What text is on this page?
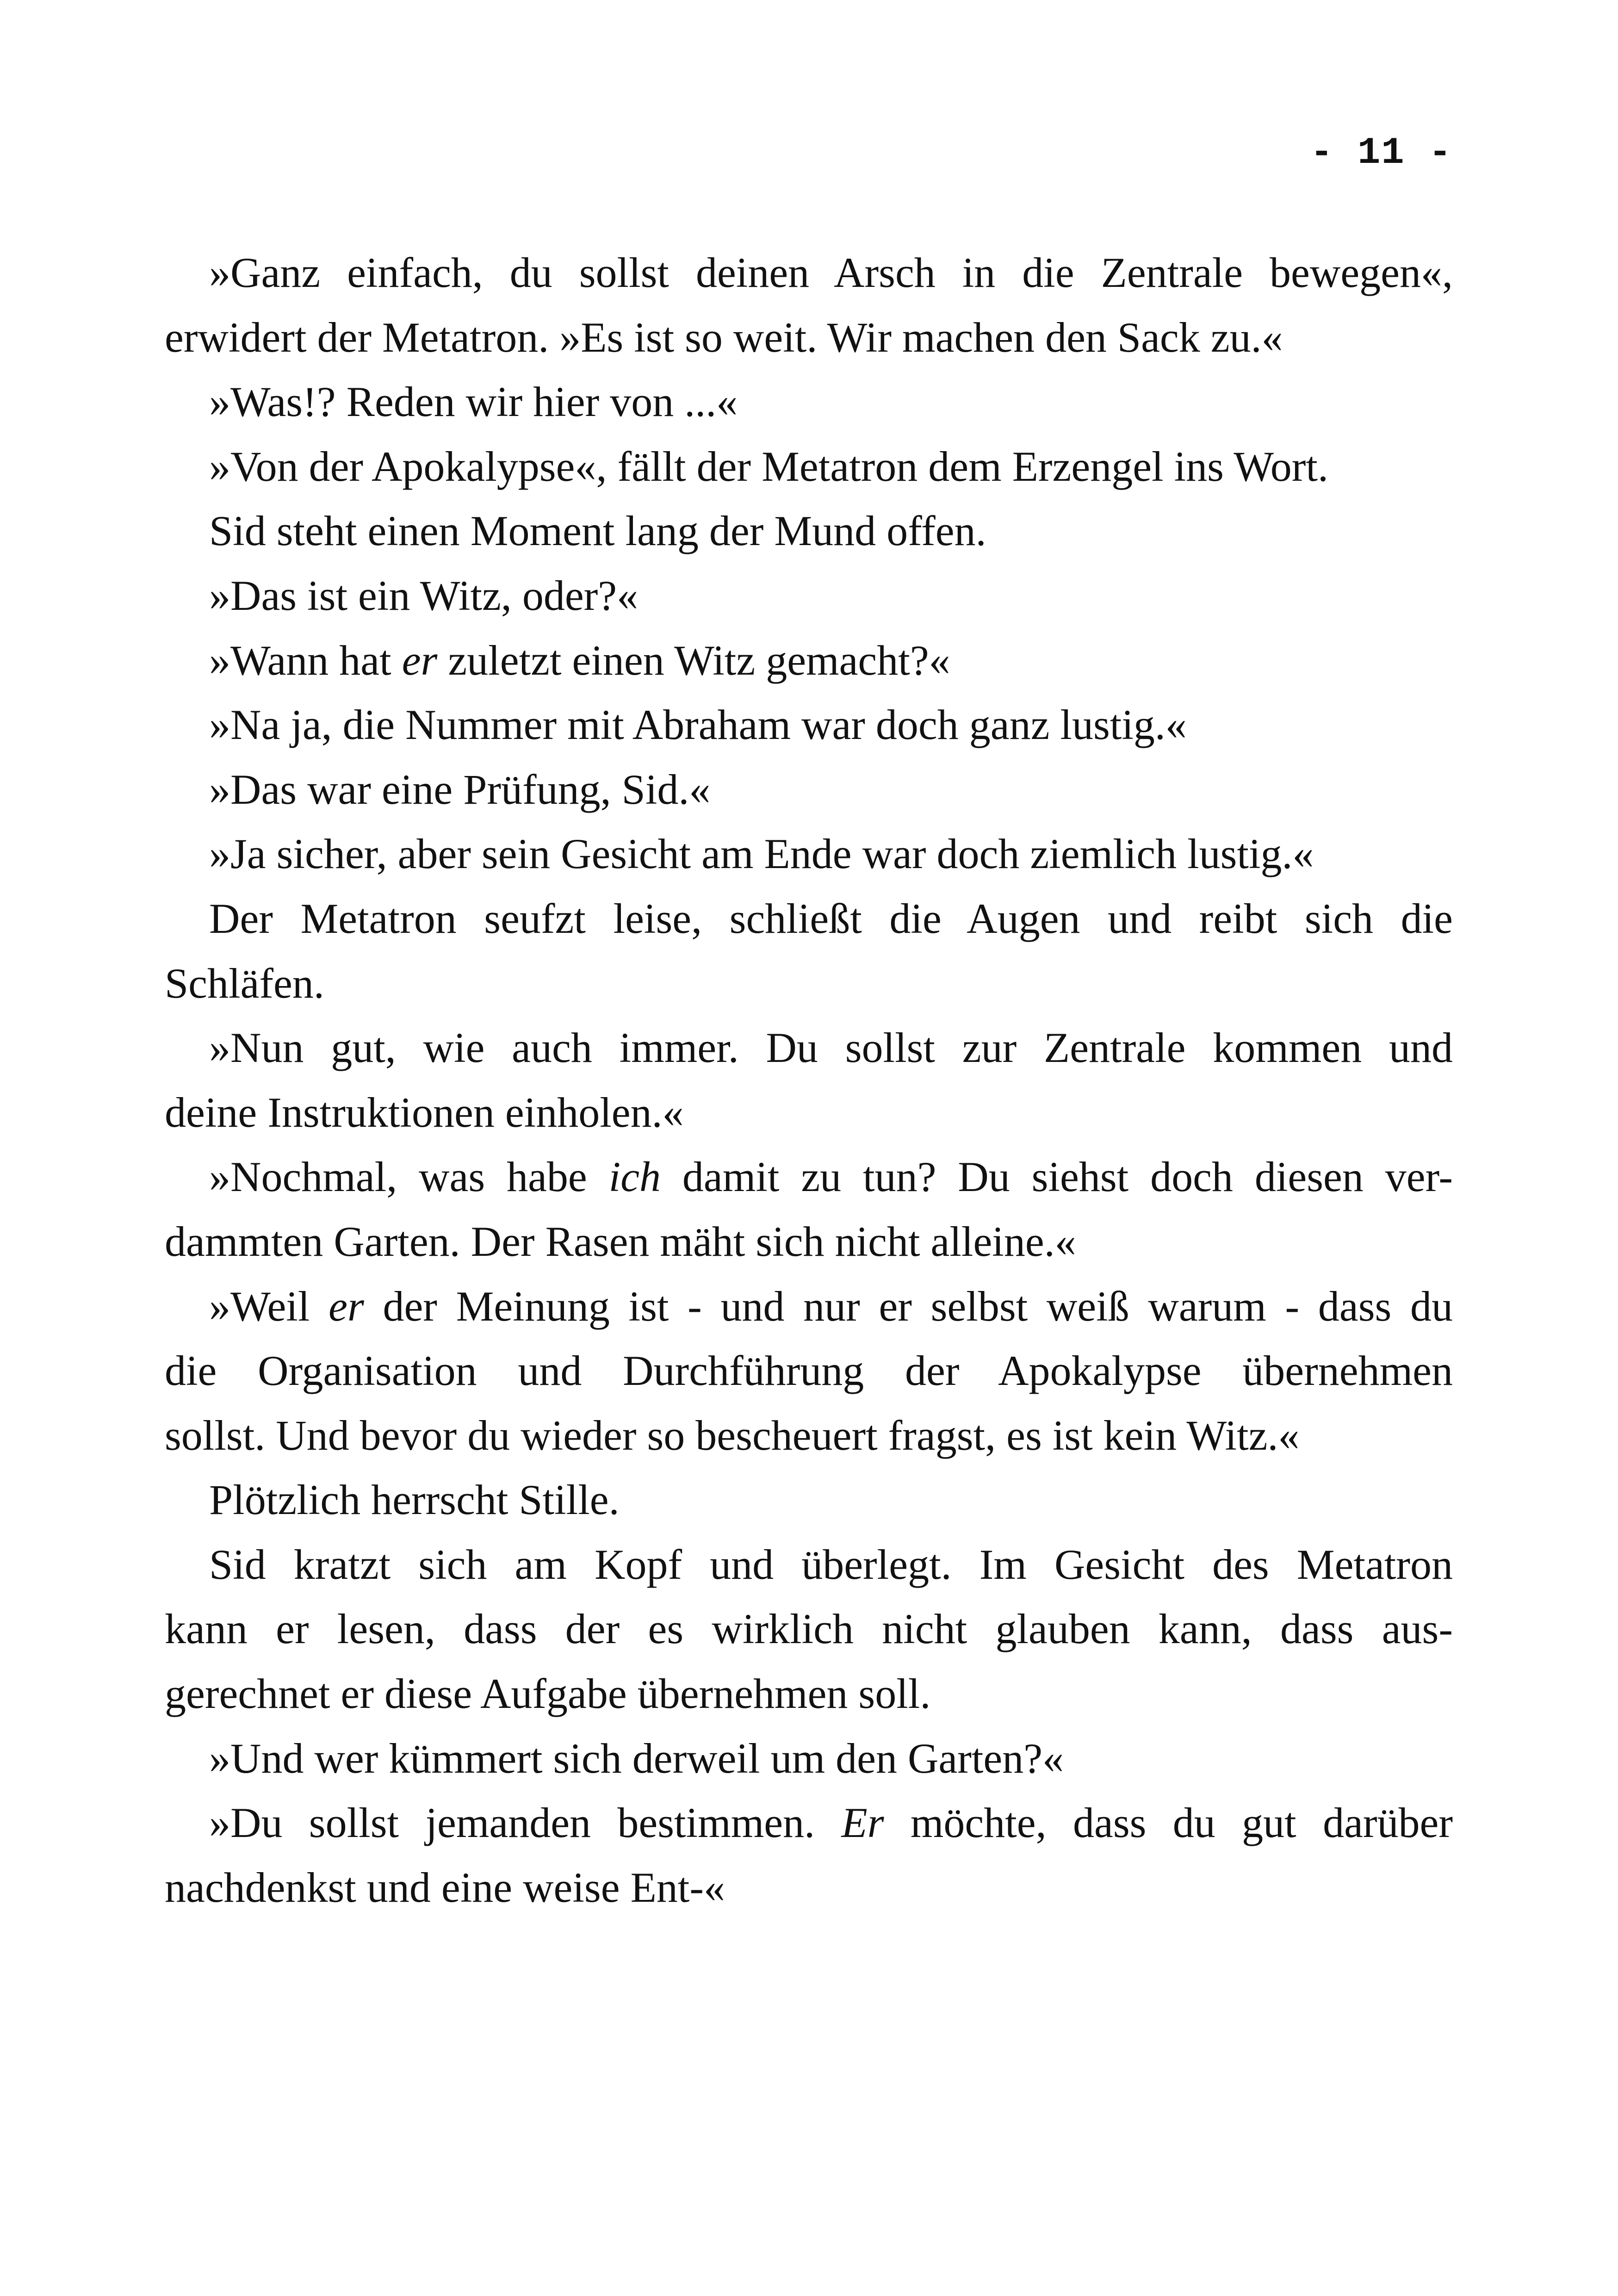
- 11 -
»Ganz einfach, du sollst deinen Arsch in die Zentrale bewegen«,
erwidert der Metatron. »Es ist so weit. Wir machen den Sack zu.«
»Was!? Reden wir hier von ...«
»Von der Apokalypse«, fällt der Metatron dem Erzengel ins Wort.
Sid steht einen Moment lang der Mund offen.
»Das ist ein Witz, oder?«
»Wann hat er zuletzt einen Witz gemacht?«
»Na ja, die Nummer mit Abraham war doch ganz lustig.«
»Das war eine Prüfung, Sid.«
»Ja sicher, aber sein Gesicht am Ende war doch ziemlich lustig.«
Der Metatron seufzt leise, schließt die Augen und reibt sich die
Schläfen.
»Nun gut, wie auch immer. Du sollst zur Zentrale kommen und
deine Instruktionen einholen.«
»Nochmal, was habe ich damit zu tun? Du siehst doch diesen ver-
dammten Garten. Der Rasen mäht sich nicht alleine.«
»Weil er der Meinung ist - und nur er selbst weiß warum - dass du
die Organisation und Durchführung der Apokalypse übernehmen
sollst. Und bevor du wieder so bescheuert fragst, es ist kein Witz.«
Plötzlich herrscht Stille.
Sid kratzt sich am Kopf und überlegt. Im Gesicht des Metatron
kann er lesen, dass der es wirklich nicht glauben kann, dass aus-
gerechnet er diese Aufgabe übernehmen soll.
»Und wer kümmert sich derweil um den Garten?«
»Du sollst jemanden bestimmen. Er möchte, dass du gut darüber
nachdenkst und eine weise Ent-«
